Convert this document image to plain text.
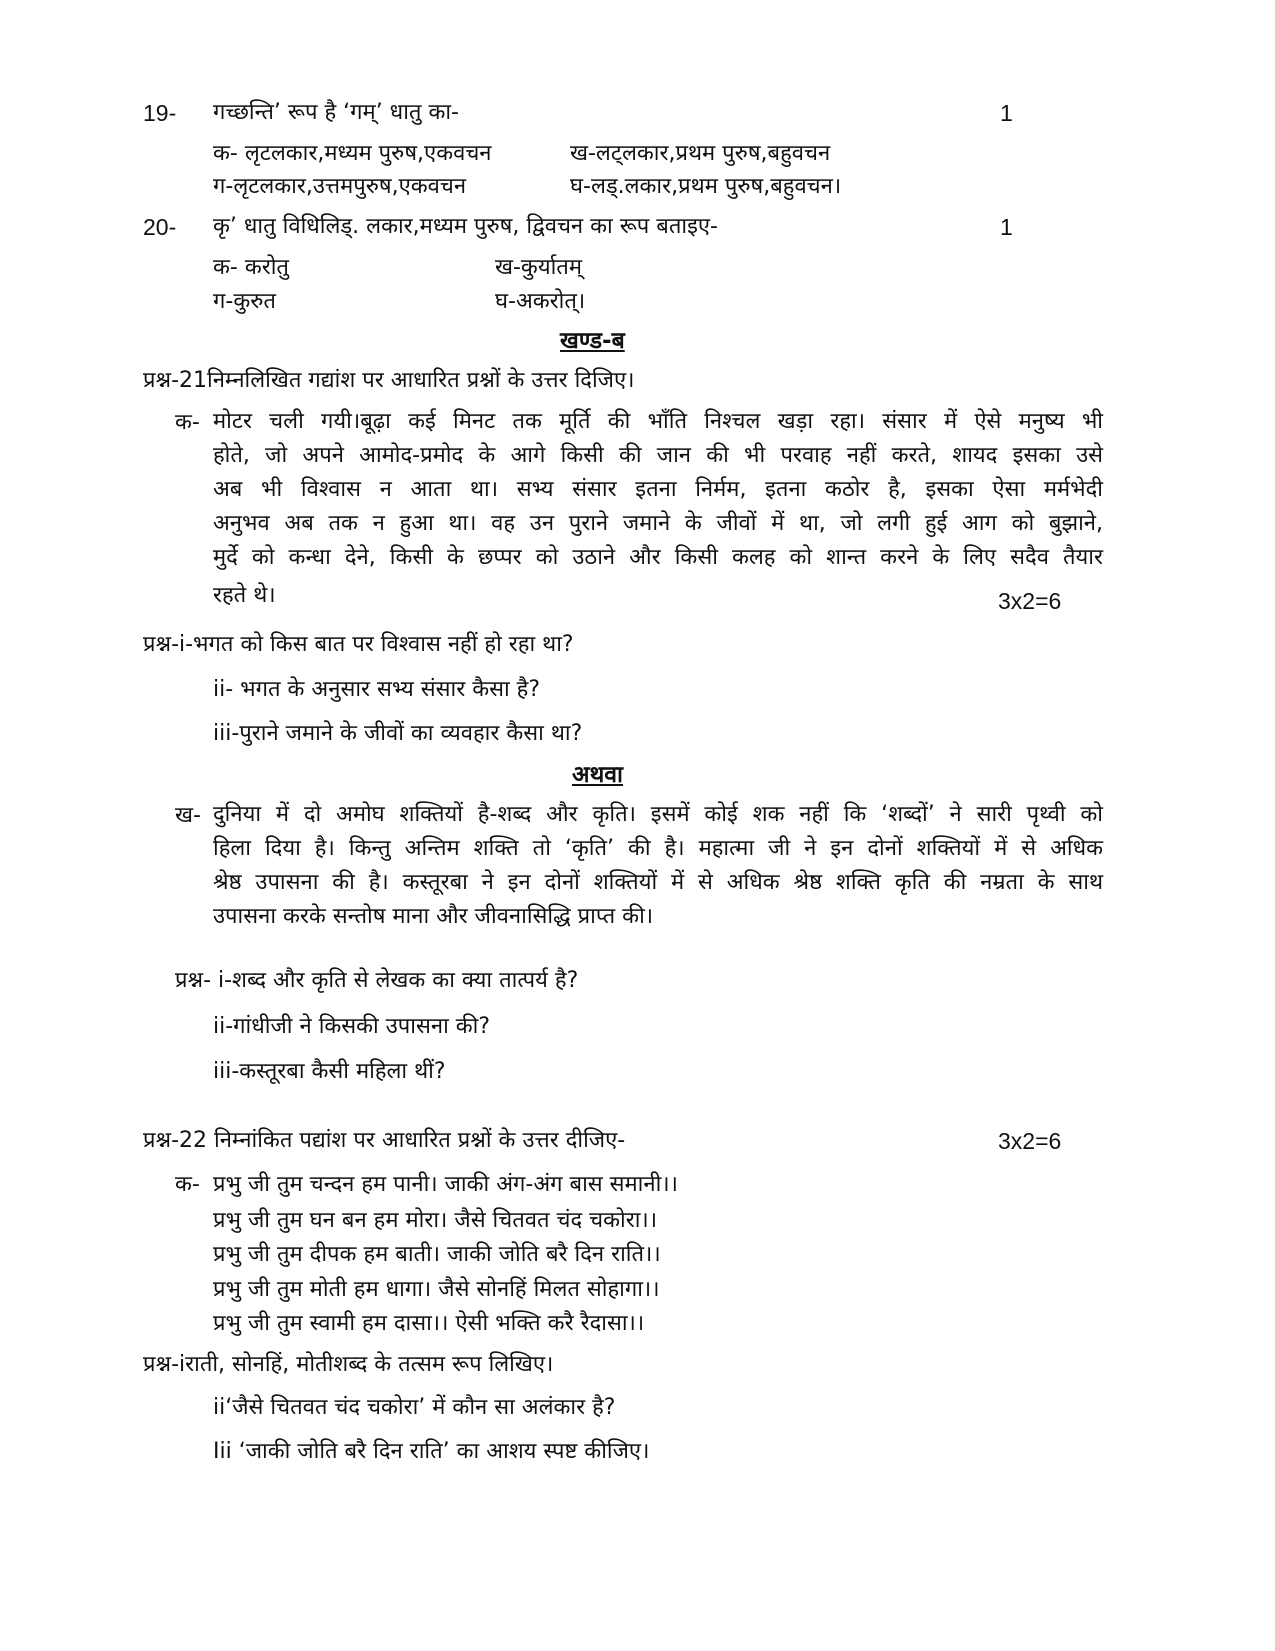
19- गच्छन्ति’ रूप है ‘गम्’ धातु का-	1
क- लृटलकार,मध्यम पुरुष,एकवचन	ख-लट्लकार,प्रथम पुरुष,बहुवचन
ग-लृटलकार,उत्तमपुरुष,एकवचन	घ-लड्.लकार,प्रथम पुरुष,बहुवचन।
20- कृ’ धातु विधिलिड्. लकार,मध्यम पुरुष, द्विवचन का रूप बताइए-	1
क- करोतु	ख-कुर्यातम्
ग-कुरुत	घ-अकरोत्।
खण्ड-ब
प्रश्न-21निम्नलिखित गद्यांश पर आधारित प्रश्नों के उत्तर दिजिए।
क- मोटर चली गयी।बूढ़ा कई मिनट तक मूर्ति की भाँति निश्चल खड़ा रहा। संसार में ऐसे मनुष्य भी
होते, जो अपने आमोद-प्रमोद के आगे किसी की जान की भी परवाह नहीं करते, शायद इसका उसे
अब भी विश्वास न आता था। सभ्य संसार इतना निर्मम, इतना कठोर है, इसका ऐसा मर्मभेदी
अनुभव अब तक न हुआ था। वह उन पुराने जमाने के जीवों में था, जो लगी हुई आग को बुझाने,
मुर्दे को कन्धा देने, किसी के छप्पर को उठाने और किसी कलह को शान्त करने के लिए सदैव तैयार
रहते थे।	3x2=6
प्रश्न-i-भगत को किस बात पर विश्वास नहीं हो रहा था?
ii- भगत के अनुसार सभ्य संसार कैसा है?
iii-पुराने जमाने के जीवों का व्यवहार कैसा था?
अथवा
ख- दुनिया में दो अमोघ शक्तियों है-शब्द और कृति। इसमें कोई शक नहीं कि ‘शब्दों’ ने सारी पृथ्वी को
हिला दिया है। किन्तु अन्तिम शक्ति तो ‘कृति’ की है। महात्मा जी ने इन दोनों शक्तियों में से अधिक
श्रेष्ठ उपासना की है। कस्तूरबा ने इन दोनों शक्तियों में से अधिक श्रेष्ठ शक्ति कृति की नम्रता के साथ
उपासना करके सन्तोष माना और जीवनासिद्धि प्राप्त की।
प्रश्न- i-शब्द और कृति से लेखक का क्या तात्पर्य है?
ii-गांधीजी ने किसकी उपासना की?
iii-कस्तूरबा कैसी महिला थीं?
प्रश्न-22 निम्नांकित पद्यांश पर आधारित प्रश्नों के उत्तर दीजिए-	3x2=6
क- प्रभु जी तुम चन्दन हम पानी। जाकी अंग-अंग बास समानी।।
प्रभु जी तुम घन बन हम मोरा। जैसे चितवत चंद चकोरा।।
प्रभु जी तुम दीपक हम बाती। जाकी जोति बरै दिन राति।।
प्रभु जी तुम मोती हम धागा। जैसे सोनहिं मिलत सोहागा।।
प्रभु जी तुम स्वामी हम दासा।। ऐसी भक्ति करै रैदासा।।
प्रश्न-iराती, सोनहिं, मोतीशब्द के तत्सम रूप लिखिए।
ii‘जैसे चितवत चंद चकोरा’ में कौन सा अलंकार है?
Iii ‘जाकी जोति बरै दिन राति’ का आशय स्पष्ट कीजिए।
